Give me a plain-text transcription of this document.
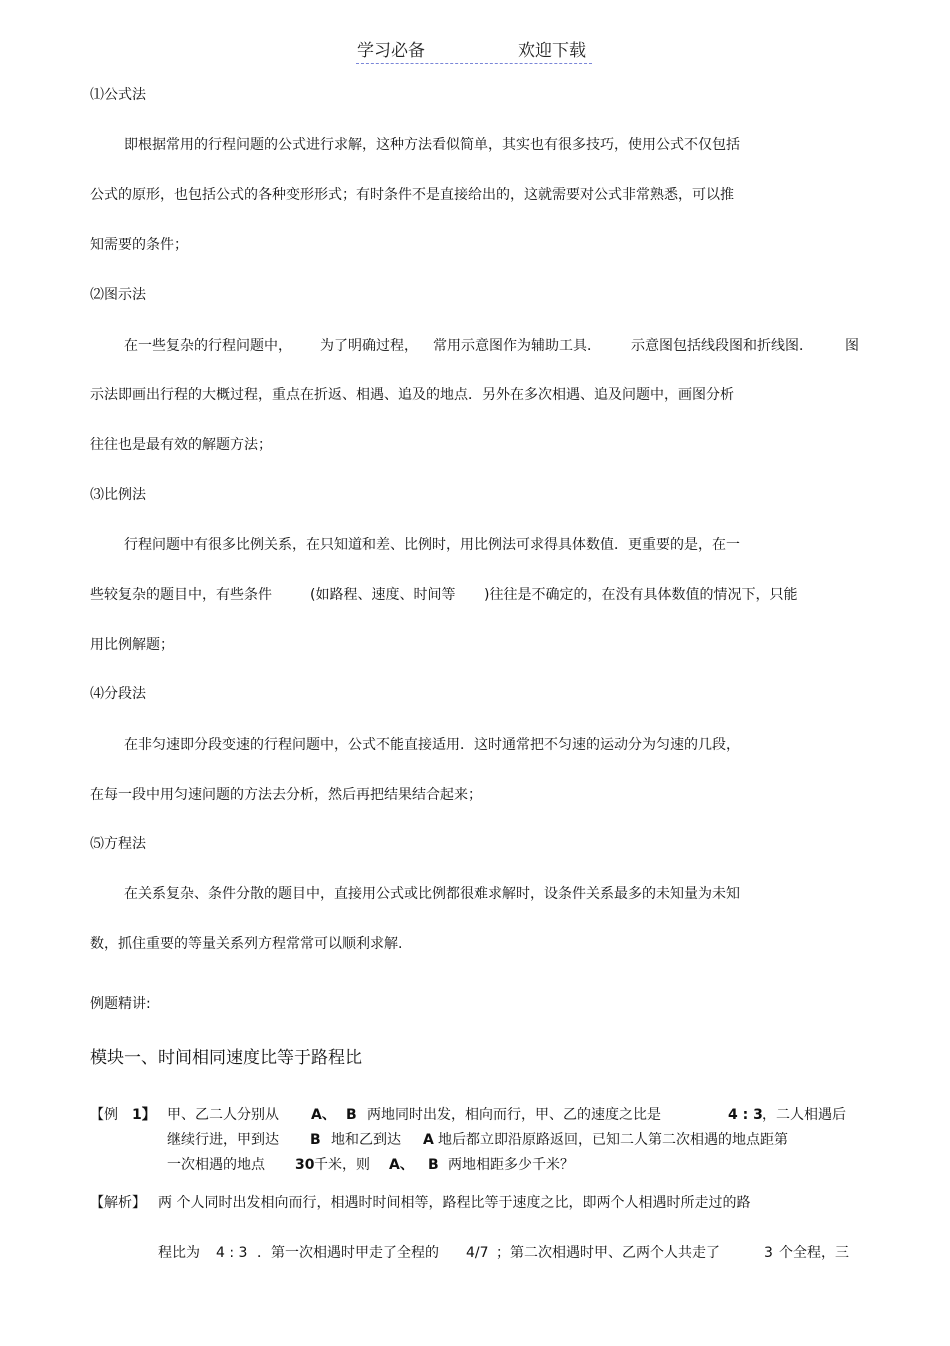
学习必备	欢迎下载
⑴公式法
即根据常用的行程问题的公式进行求解，这种方法看似简单，其实也有很多技巧，使用公式不仅包括
公式的原形，也包括公式的各种变形形式；有时条件不是直接给出的，这就需要对公式非常熟悉，可以推
知需要的条件；
⑵图示法
在一些复杂的行程问题中， 为了明确过程， 常用示意图作为辅助工具． 示意图包括线段图和折线图． 图
示法即画出行程的大概过程，重点在折返、相遇、追及的地点．另外在多次相遇、追及问题中，画图分析
往往也是最有效的解题方法；
⑶比例法
行程问题中有很多比例关系，在只知道和差、比例时，用比例法可求得具体数值．更重要的是，在一
些较复杂的题目中，有些条件	(如路程、速度、时间等 )往往是不确定的，在没有具体数值的情况下，只能
用比例解题；
⑷分段法
在非匀速即分段变速的行程问题中，公式不能直接适用．这时通常把不匀速的运动分为匀速的几段，
在每一段中用匀速问题的方法去分析，然后再把结果结合起来；
⑸方程法
在关系复杂、条件分散的题目中，直接用公式或比例都很难求解时，设条件关系最多的未知量为未知
数，抓住重要的等量关系列方程常常可以顺利求解.
例题精讲:
模块一、时间相同速度比等于路程比
【例 1】 甲、乙二人分别从 A、 B 两地同时出发，相向而行，甲、乙的速度之比是	4 : 3 ，二人相遇后
继续行进，甲到达 B 地和乙到达 A 地后都立即沿原路返回，已知二人第二次相遇的地点距第
一次相遇的地点 30 千米，则 A、 B 两地相距多少千米？
【解析】 两 个人同时出发相向而行，相遇时时间相等，路程比等于速度之比，即两个人相遇时所走过的路
程比为 4 : 3 ．第一次相遇时甲走了全程的 4/7 ；第二次相遇时甲、乙两个人共走了	3 个全程，三
